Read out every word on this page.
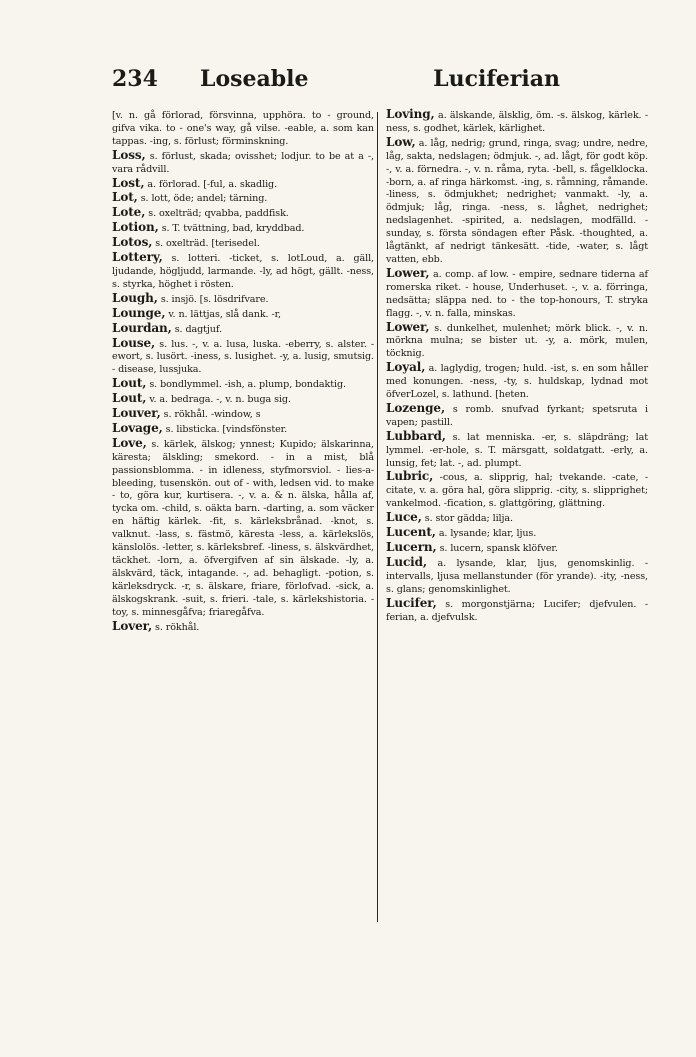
234 Loseable	Luciferian

[v. n. gå förlorad, försvinna, upphöra. to - ground, gifva vika. to - one's way, gå vilse. -eable, a. som kan tappas. -ing, s. förlust; förminskning.

Loss, s. förlust, skada; ovisshet; lodjur. to be at a -, vara rådvill.

Lost, a. förlorad. [-ful, a. skadlig.

Lot, s. lott, öde; andel; tärning.

Lote, s. oxelträd; qvabba, paddfisk.

Lotion, s. T. tvättning, bad, kryddbad.

Lotos, s. oxelträd. [terisedel.

Lottery, s. lotteri. -ticket, s. lotLoud, a. gäll, ljudande, högljudd, larmande. -ly, ad högt, gällt. -ness, s. styrka, höghet i rösten.

Lough, s. insjö. [s. lösdrifvare.

Lounge, v. n. lättjas, slå dank. -r,

Lourdan, s. dagtjuf.

Louse, s. lus. -, v. a. lusa, luska. -eberry, s. alster. -ewort, s. lusört. -iness, s. lusighet. -y, a. lusig, smutsig. - disease, lussjuka.

Lout, s. bondlymmel. -ish, a. plump, bondaktig.

Lout, v. a. bedraga. -, v. n. buga sig.

Louver, s. rökhål. -window, s

Lovage, s. libsticka. [vindsfönster.

Love, s. kärlek, älskog; ynnest; Kupido; älskarinna, käresta; älskling; smekord. - in a mist, blå passionsblomma. - in idleness, styfmorsviol. - lies-a-bleeding, tusenskön. out of - with, ledsen vid. to make - to, göra kur, kurtisera. -, v. a. & n. älska, hålla af, tycka om. -child, s. oäkta barn. -darting, a. som väcker en häftig kärlek. -fit, s. kärleksbrånad. -knot, s. valknut. -lass, s. fästmö, käresta -less, a. kärlekslös, känslolös. -letter, s. kärleksbref. -liness, s. älskvärdhet, täckhet. -lorn, a. öfvergifven af sin älskade. -ly, a. älskvärd, täck, intagande. -, ad. behagligt. -potion, s. kärleksdryck. -r, s. älskare, friare, förlofvad. -sick, a. älskogskrank. -suit, s. frieri. -tale, s. kärlekshistoria. -toy, s. minnesgåfva; friaregåfva.

Lover, s. rökhål.

Loving, a. älskande, älsklig, öm. -s. älskog, kärlek. -ness, s. godhet, kärlek, kärlighet.

Low, a. låg, nedrig; grund, ringa, svag; undre, nedre, låg, sakta, nedslagen; ödmjuk. -, ad. lågt, för godt köp. -, v. a. förnedra. -, v. n. råma, ryta. -bell, s. fågelklocka. -born, a. af ringa härkomst. -ing, s. råmning, råmande. -liness, s. ödmjukhet; nedrighet; vanmakt. -ly, a. ödmjuk; låg, ringa. -ness, s. låghet, nedrighet; nedslagenhet. -spirited, a. nedslagen, modfälld. -sunday, s. första söndagen efter Påsk. -thoughted, a. lågtänkt, af nedrigt tänkesätt. -tide, -water, s. lågt vatten, ebb.

Lower, a. comp. af low. - empire, sednare tiderna af romerska riket. - house, Underhuset. -, v. a. förringa, nedsätta; släppa ned. to - the top-honours, T. stryka flagg. -, v. n. falla, minskas.

Lower, s. dunkelhet, mulenhet; mörk blick. -, v. n. mörkna mulna; se bister ut. -y, a. mörk, mulen, töcknig.

Loyal, a. laglydig, trogen; huld. -ist, s. en som håller med konungen. -ness, -ty, s. huldskap, lydnad mot öfverLozel, s. lathund. [heten.

Lozenge, s romb. snufvad fyrkant; spetsruta i vapen; pastill.

Lubbard, s. lat menniska. -er, s. släpdräng; lat lymmel. -er-hole, s. T. märsgatt, soldatgatt. -erly, a. lunsig, fet; lat. -, ad. plumpt.

Lubric, -cous, a. slipprig, hal; tvekande. -cate, -citate, v. a. göra hal, göra slipprig. -city, s. slipprighet; vankelmod. -fication, s. glattgöring, glättning.

Luce, s. stor gädda; lilja.

Lucent, a. lysande; klar, ljus.

Lucern, s. lucern, spansk klöfver.

Lucid, a. lysande, klar, ljus, genomskinlig. - intervalls, ljusa mellanstunder (för yrande). -ity, -ness, s. glans; genomskinlighet.

Lucifer, s. morgonstjärna; Lucifer; djefvulen. -ferian, a. djefvulsk.
